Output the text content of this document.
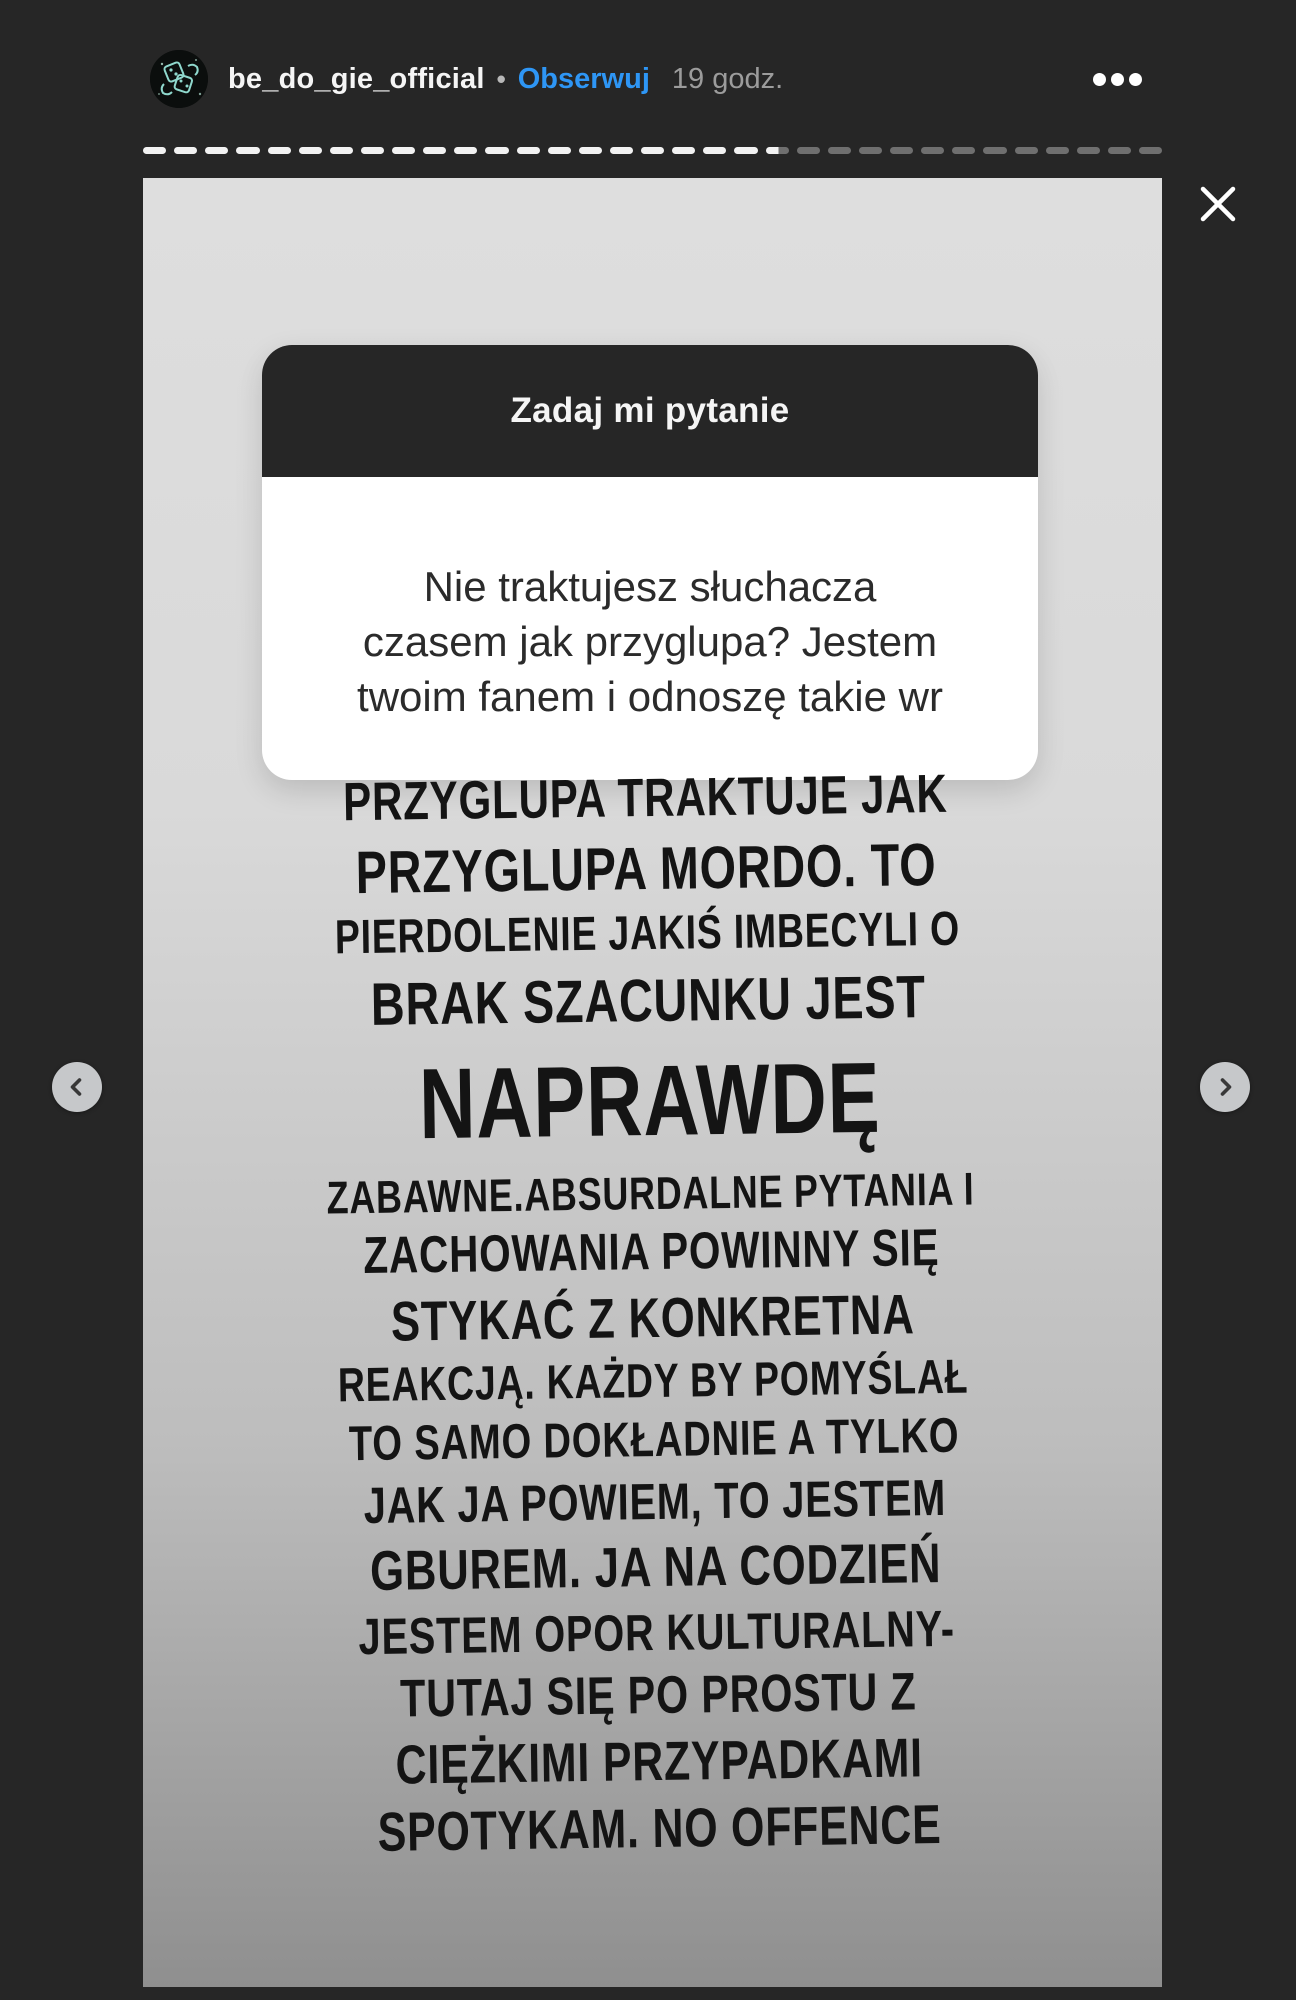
be_do_gie_official • Obserwuj 19 godz.
Zadaj mi pytanie
Nie traktujesz słuchacza
czasem jak przyglupa? Jestem
twoim fanem i odnoszę takie wr
PRZYGLUPA TRAKTUJE JAK
PRZYGLUPA MORDO. TO
PIERDOLENIE JAKIŚ IMBECYLI O
BRAK SZACUNKU JEST
NAPRAWDĘ
ZABAWNE.ABSURDALNE PYTANIA I
ZACHOWANIA POWINNY SIĘ
STYKAĆ Z KONKRETNA
REAKCJĄ. KAŻDY BY POMYŚLAŁ
TO SAMO DOKŁADNIE A TYLKO
JAK JA POWIEM, TO JESTEM
GBUREM. JA NA CODZIEŃ
JESTEM OPOR KULTURALNY-
TUTAJ SIĘ PO PROSTU Z
CIĘŻKIMI PRZYPADKAMI
SPOTYKAM. NO OFFENCE
